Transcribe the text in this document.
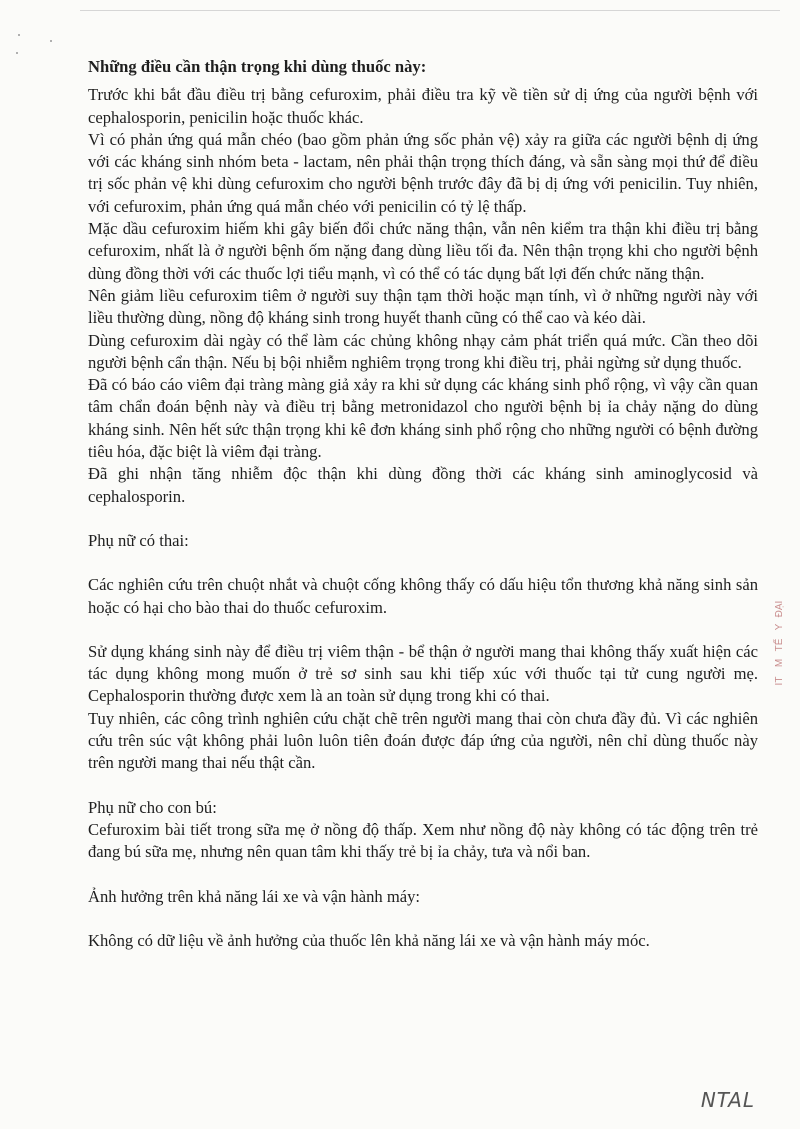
Những điều cần thận trọng khi dùng thuốc này:

Trước khi bắt đầu điều trị bằng cefuroxim, phải điều tra kỹ về tiền sử dị ứng của người bệnh với cephalosporin, penicilin hoặc thuốc khác.

Vì có phản ứng quá mẫn chéo (bao gồm phản ứng sốc phản vệ) xảy ra giữa các người bệnh dị ứng với các kháng sinh nhóm beta - lactam, nên phải thận trọng thích đáng, và sẵn sàng mọi thứ để điều trị sốc phản vệ khi dùng cefuroxim cho người bệnh trước đây đã bị dị ứng với penicilin. Tuy nhiên, với cefuroxim, phản ứng quá mẫn chéo với penicilin có tỷ lệ thấp.

Mặc dầu cefuroxim hiếm khi gây biến đổi chức năng thận, vẫn nên kiểm tra thận khi điều trị bằng cefuroxim, nhất là ở người bệnh ốm nặng đang dùng liều tối đa. Nên thận trọng khi cho người bệnh dùng đồng thời với các thuốc lợi tiểu mạnh, vì có thể có tác dụng bất lợi đến chức năng thận.

Nên giảm liều cefuroxim tiêm ở người suy thận tạm thời hoặc mạn tính, vì ở những người này với liều thường dùng, nồng độ kháng sinh trong huyết thanh cũng có thể cao và kéo dài.

Dùng cefuroxim dài ngày có thể làm các chủng không nhạy cảm phát triển quá mức. Cần theo dõi người bệnh cẩn thận. Nếu bị bội nhiễm nghiêm trọng trong khi điều trị, phải ngừng sử dụng thuốc.

Đã có báo cáo viêm đại tràng màng giả xảy ra khi sử dụng các kháng sinh phổ rộng, vì vậy cần quan tâm chẩn đoán bệnh này và điều trị bằng metronidazol cho người bệnh bị ỉa chảy nặng do dùng kháng sinh. Nên hết sức thận trọng khi kê đơn kháng sinh phổ rộng cho những người có bệnh đường tiêu hóa, đặc biệt là viêm đại tràng.

Đã ghi nhận tăng nhiễm độc thận khi dùng đồng thời các kháng sinh aminoglycosid và cephalosporin.

Phụ nữ có thai:

Các nghiên cứu trên chuột nhắt và chuột cống không thấy có dấu hiệu tổn thương khả năng sinh sản hoặc có hại cho bào thai do thuốc cefuroxim.

Sử dụng kháng sinh này để điều trị viêm thận - bể thận ở người mang thai không thấy xuất hiện các tác dụng không mong muốn ở trẻ sơ sinh sau khi tiếp xúc với thuốc tại tử cung người mẹ. Cephalosporin thường được xem là an toàn sử dụng trong khi có thai.

Tuy nhiên, các công trình nghiên cứu chặt chẽ trên người mang thai còn chưa đầy đủ. Vì các nghiên cứu trên súc vật không phải luôn luôn tiên đoán được đáp ứng của người, nên chỉ dùng thuốc này trên người mang thai nếu thật cần.

Phụ nữ cho con bú:

Cefuroxim bài tiết trong sữa mẹ ở nồng độ thấp. Xem như nồng độ này không có tác động trên trẻ đang bú sữa mẹ, nhưng nên quan tâm khi thấy trẻ bị ỉa chảy, tưa và nổi ban.

Ảnh hưởng trên khả năng lái xe và vận hành máy:

Không có dữ liệu về ảnh hưởng của thuốc lên khả năng lái xe và vận hành máy móc.

ĐẠI
Y
TẾ
M
IT
NTAL
